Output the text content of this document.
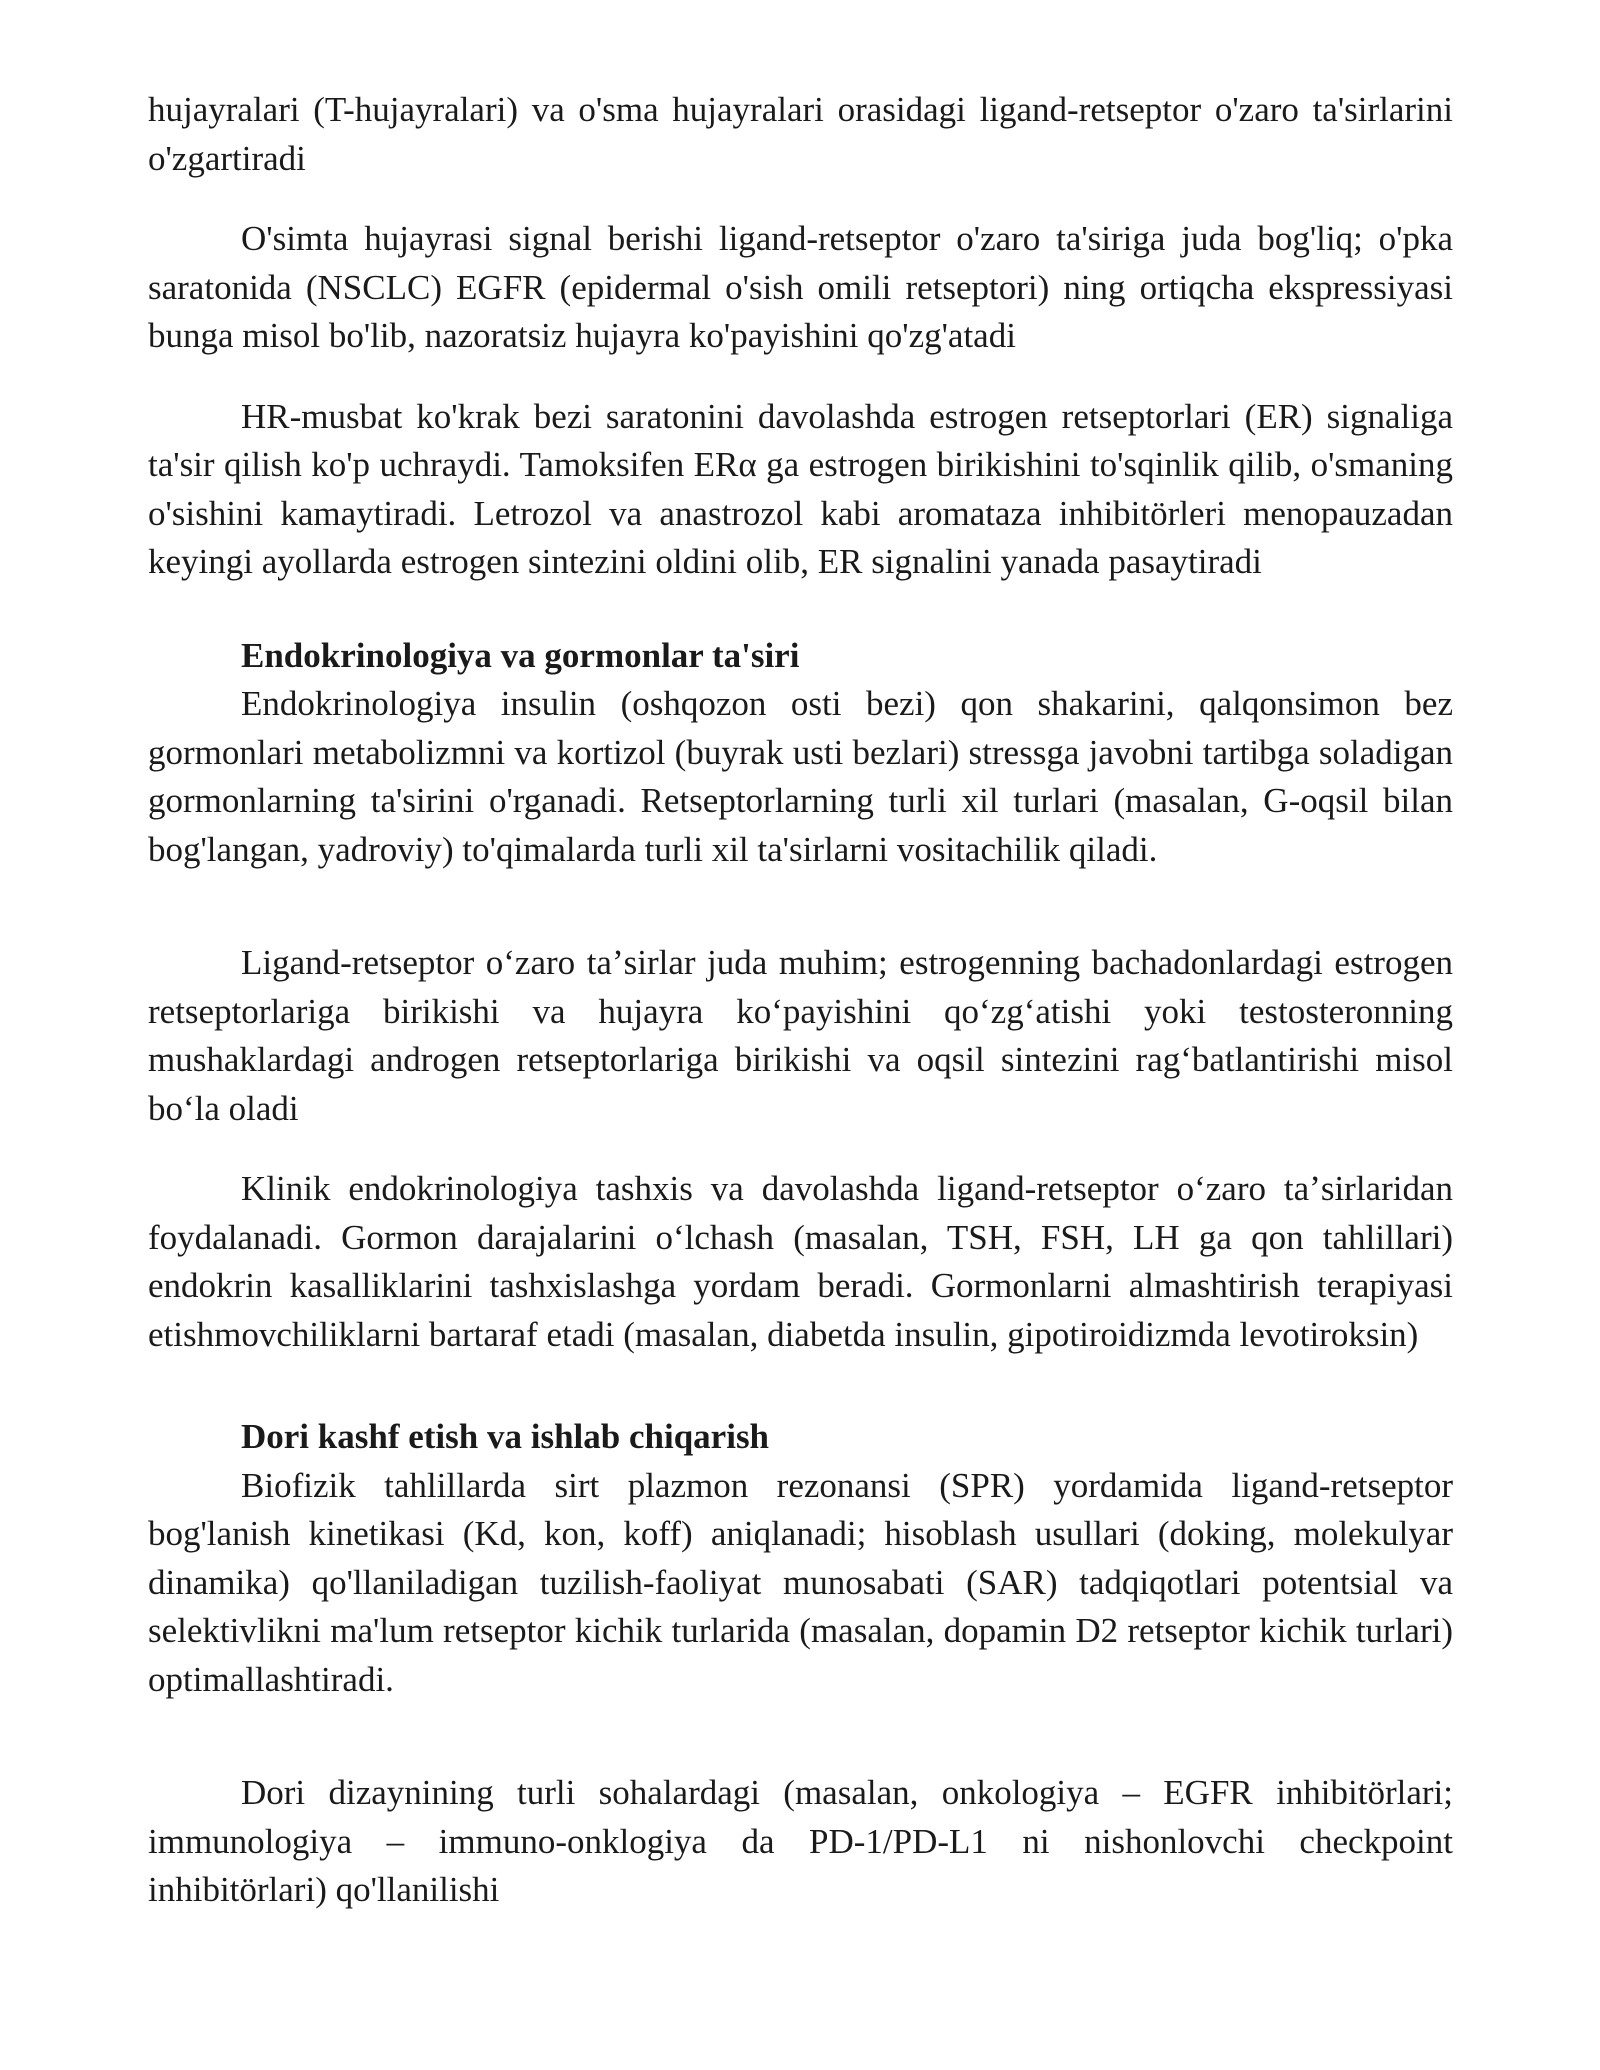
hujayralari (T-hujayralari) va o'sma hujayralari orasidagi ligand-retseptor o'zaro ta'sirlarini o'zgartiradi

O'simta hujayrasi signal berishi ligand-retseptor o'zaro ta'siriga juda bog'liq; o'pka saratonida (NSCLC) EGFR (epidermal o'sish omili retseptori) ning ortiqcha ekspressiyasi bunga misol bo'lib, nazoratsiz hujayra ko'payishini qo'zg'atadi

HR-musbat ko'krak bezi saratonini davolashda estrogen retseptorlari (ER) signaliga ta'sir qilish ko'p uchraydi. Tamoksifen ERα ga estrogen birikishini to'sqinlik qilib, o'smaning o'sishini kamaytiradi. Letrozol va anastrozol kabi aromataza inhibitörleri menopauzadan keyingi ayollarda estrogen sintezini oldini olib, ER signalini yanada pasaytiradi

Endokrinologiya va gormonlar ta'siri

Endokrinologiya insulin (oshqozon osti bezi) qon shakarini, qalqonsimon bez gormonlari metabolizmni va kortizol (buyrak usti bezlari) stressga javobni tartibga soladigan gormonlarning ta'sirini o'rganadi. Retseptorlarning turli xil turlari (masalan, G-oqsil bilan bog'langan, yadroviy) to'qimalarda turli xil ta'sirlarni vositachilik qiladi.

Ligand-retseptor oʻzaro taʼsirlar juda muhim; estrogenning bachadonlardagi estrogen retseptorlariga birikishi va hujayra koʻpayishini qoʻzgʻatishi yoki testosteronning mushaklardagi androgen retseptorlariga birikishi va oqsil sintezini ragʻbatlantirishi misol boʻla oladi

Klinik endokrinologiya tashxis va davolashda ligand-retseptor oʻzaro taʼsirlaridan foydalanadi. Gormon darajalarini oʻlchash (masalan, TSH, FSH, LH ga qon tahlillari) endokrin kasalliklarini tashxislashga yordam beradi. Gormonlarni almashtirish terapiyasi etishmovchiliklarni bartaraf etadi (masalan, diabetda insulin, gipotiroidizmda levotiroksin)

Dori kashf etish va ishlab chiqarish

Biofizik tahlillarda sirt plazmon rezonansi (SPR) yordamida ligand-retseptor bog'lanish kinetikasi (Kd, kon, koff) aniqlanadi; hisoblash usullari (doking, molekulyar dinamika) qo'llaniladigan tuzilish-faoliyat munosabati (SAR) tadqiqotlari potentsial va selektivlikni ma'lum retseptor kichik turlarida (masalan, dopamin D2 retseptor kichik turlari) optimallashtiradi.

Dori dizaynining turli sohalardagi (masalan, onkologiya – EGFR inhibitörlari; immunologiya – immuno-onklogiya da PD-1/PD-L1 ni nishonlovchi checkpoint inhibitörlari) qo'llanilishi
